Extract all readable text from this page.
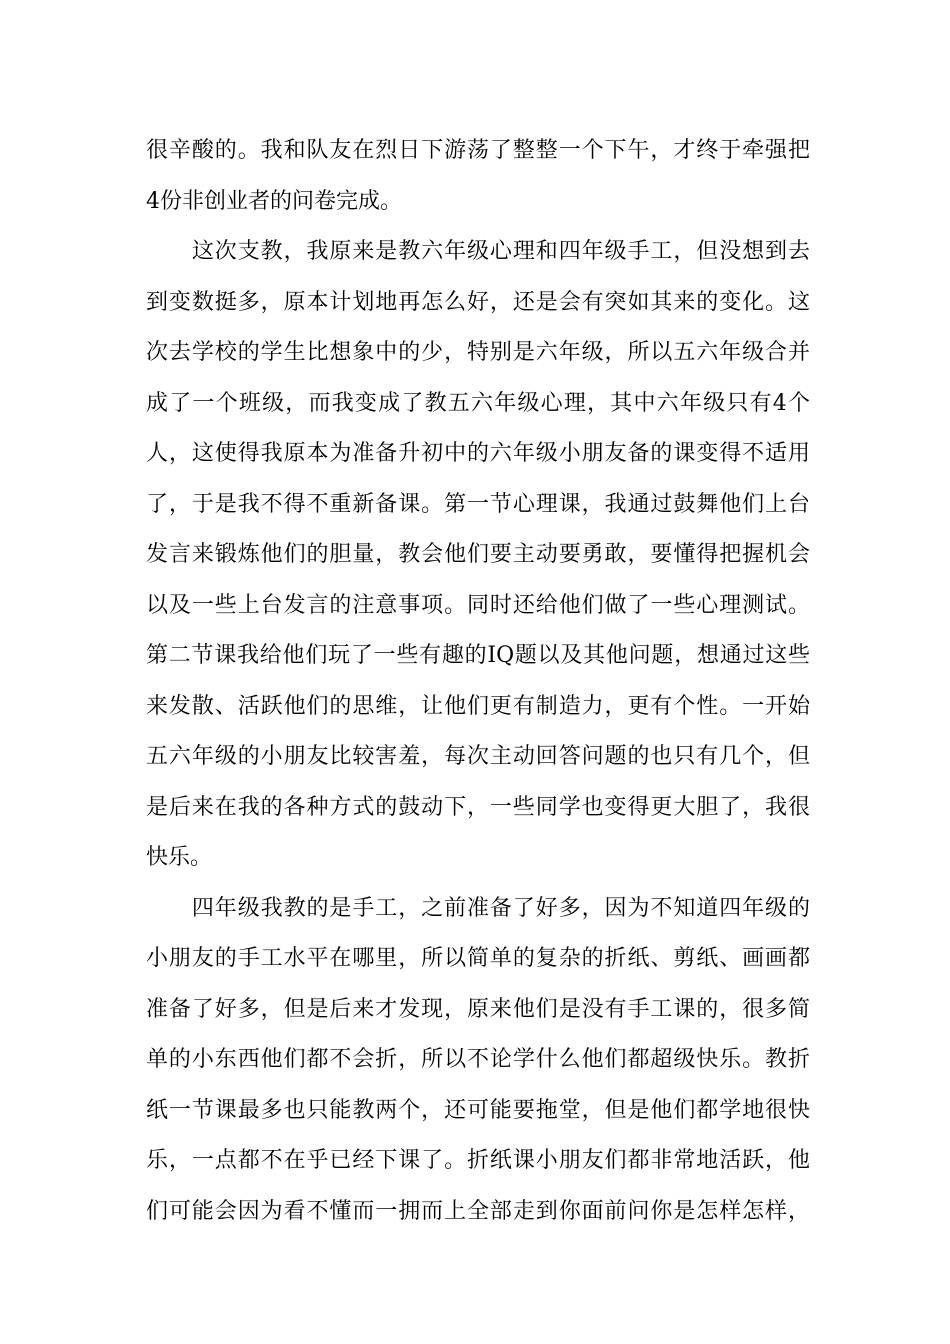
很辛酸的。我和队友在烈日下游荡了整整一个下午，才终于牵强把
4份非创业者的问卷完成。
　　这次支教，我原来是教六年级心理和四年级手工，但没想到去
到变数挺多，原本计划地再怎么好，还是会有突如其来的变化。这
次去学校的学生比想象中的少，特别是六年级，所以五六年级合并
成了一个班级，而我变成了教五六年级心理，其中六年级只有4个
人，这使得我原本为准备升初中的六年级小朋友备的课变得不适用
了，于是我不得不重新备课。第一节心理课，我通过鼓舞他们上台
发言来锻炼他们的胆量，教会他们要主动要勇敢，要懂得把握机会
以及一些上台发言的注意事项。同时还给他们做了一些心理测试。
第二节课我给他们玩了一些有趣的IQ题以及其他问题，想通过这些
来发散、活跃他们的思维，让他们更有制造力，更有个性。一开始
五六年级的小朋友比较害羞，每次主动回答问题的也只有几个，但
是后来在我的各种方式的鼓动下，一些同学也变得更大胆了，我很
快乐。
　　四年级我教的是手工，之前准备了好多，因为不知道四年级的
小朋友的手工水平在哪里，所以简单的复杂的折纸、剪纸、画画都
准备了好多，但是后来才发现，原来他们是没有手工课的，很多简
单的小东西他们都不会折，所以不论学什么他们都超级快乐。教折
纸一节课最多也只能教两个，还可能要拖堂，但是他们都学地很快
乐，一点都不在乎已经下课了。折纸课小朋友们都非常地活跃，他
们可能会因为看不懂而一拥而上全部走到你面前问你是怎样怎样，
